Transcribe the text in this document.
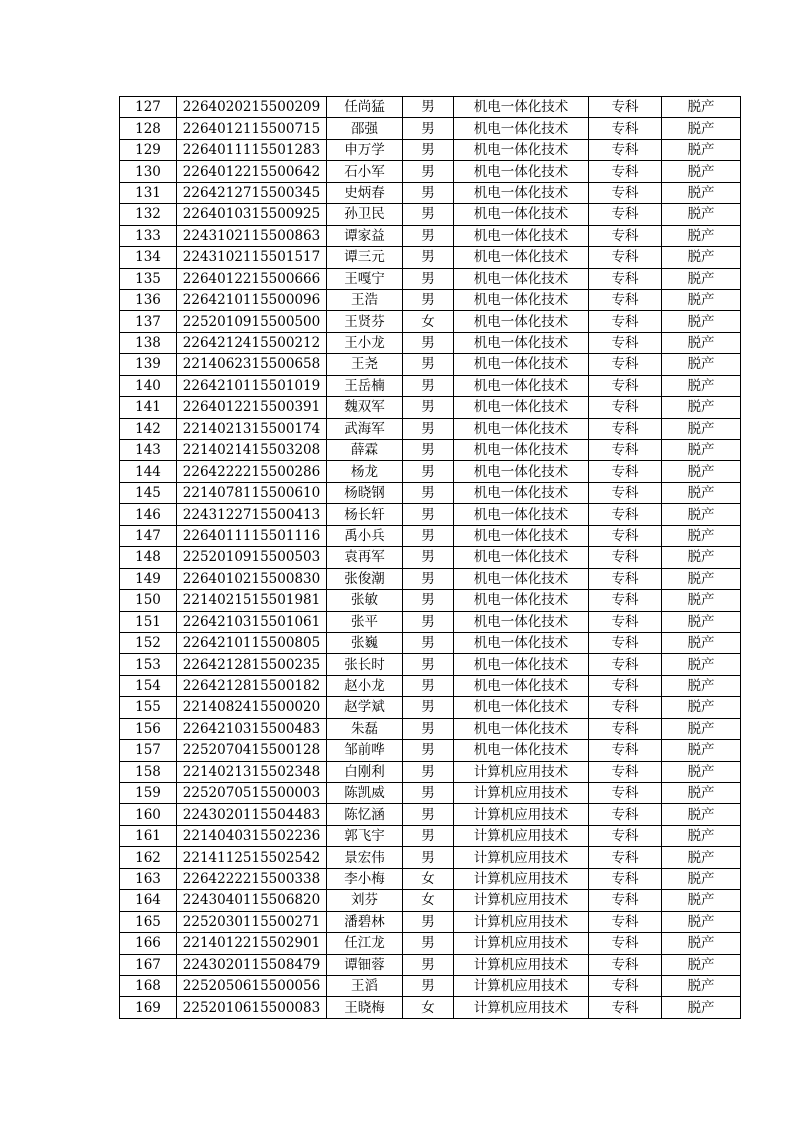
127	2264020215500209	任尚猛	男	机电一体化技术	专科	脱产
128	2264012115500715	邵强	男	机电一体化技术	专科	脱产
129	2264011115501283	申万学	男	机电一体化技术	专科	脱产
130	2264012215500642	石小军	男	机电一体化技术	专科	脱产
131	2264212715500345	史炳春	男	机电一体化技术	专科	脱产
132	2264010315500925	孙卫民	男	机电一体化技术	专科	脱产
133	2243102115500863	谭家益	男	机电一体化技术	专科	脱产
134	2243102115501517	谭三元	男	机电一体化技术	专科	脱产
135	2264012215500666	王嘎宁	男	机电一体化技术	专科	脱产
136	2264210115500096	王浩	男	机电一体化技术	专科	脱产
137	2252010915500500	王贤芬	女	机电一体化技术	专科	脱产
138	2264212415500212	王小龙	男	机电一体化技术	专科	脱产
139	2214062315500658	王尧	男	机电一体化技术	专科	脱产
140	2264210115501019	王岳楠	男	机电一体化技术	专科	脱产
141	2264012215500391	魏双军	男	机电一体化技术	专科	脱产
142	2214021315500174	武海军	男	机电一体化技术	专科	脱产
143	2214021415503208	薛霖	男	机电一体化技术	专科	脱产
144	2264222215500286	杨龙	男	机电一体化技术	专科	脱产
145	2214078115500610	杨晓钢	男	机电一体化技术	专科	脱产
146	2243122715500413	杨长轩	男	机电一体化技术	专科	脱产
147	2264011115501116	禹小兵	男	机电一体化技术	专科	脱产
148	2252010915500503	袁再军	男	机电一体化技术	专科	脱产
149	2264010215500830	张俊潮	男	机电一体化技术	专科	脱产
150	2214021515501981	张敏	男	机电一体化技术	专科	脱产
151	2264210315501061	张平	男	机电一体化技术	专科	脱产
152	2264210115500805	张巍	男	机电一体化技术	专科	脱产
153	2264212815500235	张长时	男	机电一体化技术	专科	脱产
154	2264212815500182	赵小龙	男	机电一体化技术	专科	脱产
155	2214082415500020	赵学斌	男	机电一体化技术	专科	脱产
156	2264210315500483	朱磊	男	机电一体化技术	专科	脱产
157	2252070415500128	邹前哗	男	机电一体化技术	专科	脱产
158	2214021315502348	白刚利	男	计算机应用技术	专科	脱产
159	2252070515500003	陈凯威	男	计算机应用技术	专科	脱产
160	2243020115504483	陈忆涵	男	计算机应用技术	专科	脱产
161	2214040315502236	郭飞宇	男	计算机应用技术	专科	脱产
162	2214112515502542	景宏伟	男	计算机应用技术	专科	脱产
163	2264222215500338	李小梅	女	计算机应用技术	专科	脱产
164	2243040115506820	刘芬	女	计算机应用技术	专科	脱产
165	2252030115500271	潘碧林	男	计算机应用技术	专科	脱产
166	2214012215502901	任江龙	男	计算机应用技术	专科	脱产
167	2243020115508479	谭钿蓉	男	计算机应用技术	专科	脱产
168	2252050615500056	王滔	男	计算机应用技术	专科	脱产
169	2252010615500083	王晓梅	女	计算机应用技术	专科	脱产
